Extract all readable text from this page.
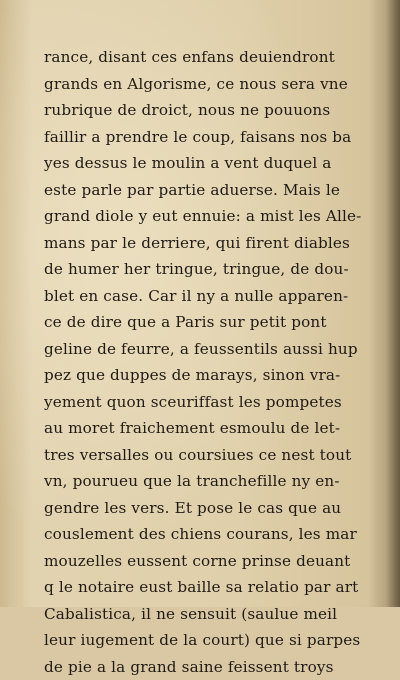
rance, disant ces enfans deuiendront
grands en Algorisme, ce nous sera vne
rubrique de droict, nous ne pouuons
faillir a prendre le coup, faisans nos ba
yes dessus le moulin a vent duquel a
este parle par partie aduerse. Mais le
grand diole y eut ennuie: a mist les Alle-
mans par le derriere, qui firent diables
de humer her tringue, tringue, de dou-
blet en case. Car il ny a nulle apparen-
ce de dire que a Paris sur petit pont
geline de feurre, a feussentils aussi hup
pez que duppes de marays, sinon vra-
yement quon sceuriffast les pompetes
au moret fraichement esmoulu de let-
tres versalles ou coursiues ce nest tout
vn, pourueu que la tranchefille ny en-
gendre les vers. Et pose le cas que au
couslement des chiens courans, les mar
mouzelles eussent corne prinse deuant
q le notaire eust baille sa relatio par art
Cabalistica, il ne sensuit (saulue meil
leur iugement de la court) que si parpes
de pie a la grand saine feissent troys
